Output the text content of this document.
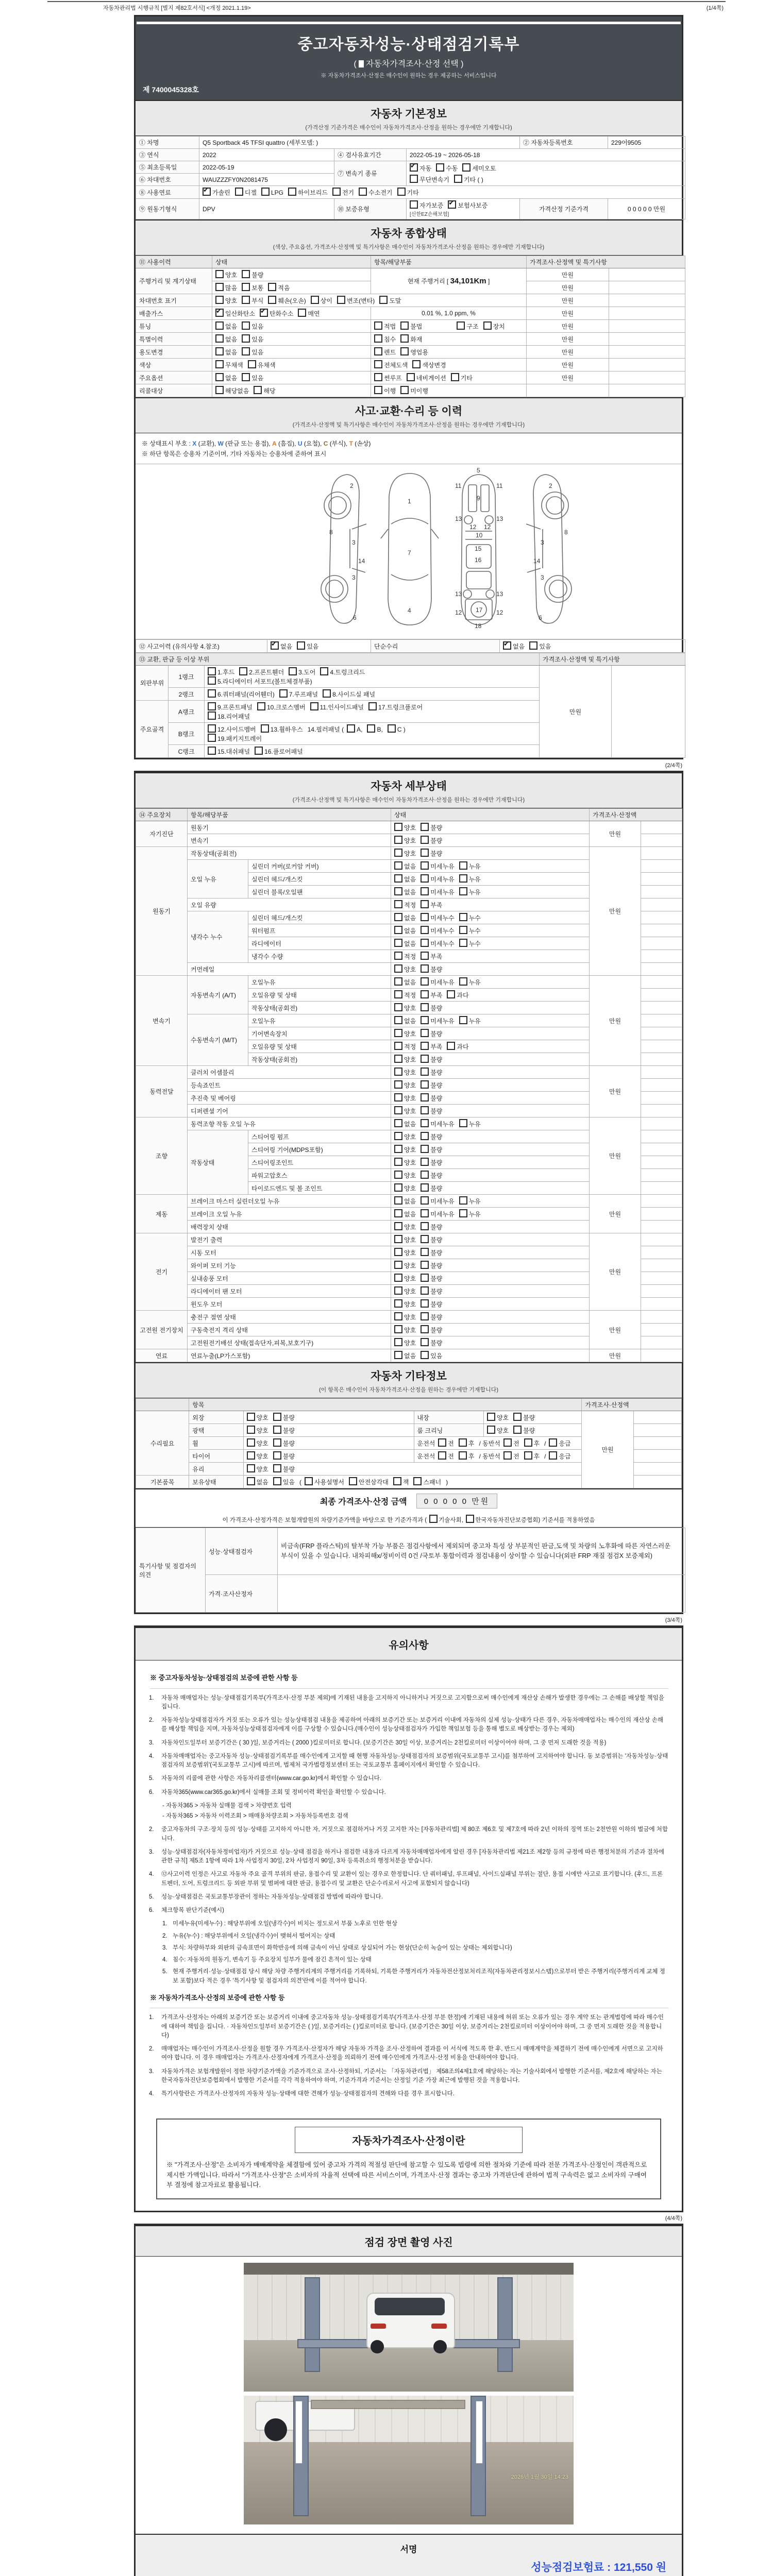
자동차관리법 시행규칙 [별지 제82호서식] <개정 2021.1.19>	(1/4쪽)
중고자동차성능·상태점검기록부
( 자동차가격조사·산정 선택 )
※ 자동차가격조사·산정은 매수인이 원하는 경우 제공하는 서비스입니다
제 7400045328호
자동차 기본정보
(가격산정 기준가격은 매수인이 자동차가격조사·산정을 원하는 경우에만 기재합니다)
① 차명	Q5 Sportback 45 TFSI quattro (세부모델: )			② 자동차등록번호	229어9505
③ 연식	2022	④ 검사유효기간	2022-05-19 ~ 2026-05-18		
⑤ 최초등록일	2022-05-19	⑦ 변속기 종류	
✔자동 수동 세미오토
무단변속기 기타 ( )

⑥ 차대번호	WAUZZZFY0N2081475				
⑧ 사용연료	✔가솔린 디젤 LPG 하이브리드 전기 수소전기 기타
⑨ 원동기형식	DPV	⑩ 보증유형	자가보증 ✔ 보험사보증 [신한EZ손해보험]	가격산정 기준가격	0 0 0 0 0 만원
자동차 종합상태
(색상, 주요옵션, 가격조사·산정액 및 특기사항은 매수인이 자동차가격조사·산정을 원하는 경우에만 기재합니다)
⑪ 사용이력	상태	항목/해당부품	가격조사·산정액 및 특기사항	
주행거리 및 계기상태	양호 불량	현재 주행거리 [ 34,101Km ]	만원	
	많음 보통 적음		만원	
차대번호 표기	양호 부식 훼손(오손) 상이 변조(변타) 도말		만원	
배출가스	✔일산화탄소 ✔ 탄화수소 매연	0.01 %, 1.0 ppm, %	만원	
튜닝	없음 있음	적법 불법 구조 장치	만원	
특별이력	없음 있음	침수 화재	만원	
용도변경	없음 있음	렌트 영업용	만원	
색상	무채색 유채색	전체도색 색상변경	만원	
주요옵션	없음 있음	썬루프 네비게이션 기타	만원	
리콜대상	해당없음 해당	이행 미이행		
사고·교환·수리 등 이력
(가격조사·산정액 및 특기사항은 매수인이 자동차가격조사·산정을 원하는 경우에만 기재합니다)
※ 상태표시 부호 : X (교환), W (판금 또는 용접), A (흠집), U (요철), C (부식), T (손상)
※ 하단 항목은 승용차 기준이며, 기타 자동차는 승용차에 준하여 표시
2
8
3
14
3
6
1
7
4
5
11	11
9
13	13
12 12
10
15
16
13	13
12	12
17
18
2
8
3
14
3
6
⑫ 사고이력 (유의사항 4.참조)	✔없음 있음	단순수리	✔없음 있음
⑬ 교환, 판금 등 이상 부위			가격조사·산정액 및 특기사항	
외판부위	1랭크	1.후드 2.프론트휀더 3.도어 4.트렁크리드
5.라디에이터 서포트(볼트체결부품)	만원	
	2랭크	6.쿼터패널(리어휀더) 7.루프패널 8.사이드실 패널		
주요골격	A랭크	9.프론트패널 10.크로스멤버 11.인사이드패널 17.트렁크플로어
18.리어패널		
	B랭크	12.사이드멤버 13.휠하우스 14.필러패널 ( A, B, C )
19.패키지트레이		
	C랭크	15.대쉬패널 16.플로어패널		
(2/4쪽)
자동차 세부상태
(가격조사·산정액 및 특기사항은 매수인이 자동차가격조사·산정을 원하는 경우에만 기재합니다)
⑭ 주요장치	항목/해당부품		상태	가격조사·산정액	
자기진단	원동기		양호 불량	만원	
	변속기		양호 불량		
원동기	작동상태(공회전)		양호 불량	만원	
	오일 누유	실린더 커버(로커암 커버)	없음 미세누유 누유		
		실린더 헤드/개스킷	없음 미세누유 누유		
		실린더 블록/오일팬	없음 미세누유 누유		
	오일 유량		적정 부족		
	냉각수 누수	실린더 헤드/개스킷	없음 미세누수 누수		
		워터펌프	없음 미세누수 누수		
		라디에이터	없음 미세누수 누수		
		냉각수 수량	적정 부족		
	커먼레일		양호 불량		
변속기	자동변속기 (A/T)	오일누유	없음 미세누유 누유	만원	
		오일유량 및 상태	적정 부족 과다		
		작동상태(공회전)	양호 불량		
	수동변속기 (M/T)	오일누유	없음 미세누유 누유		
		기어변속장치	양호 불량		
		오일유량 및 상태	적정 부족 과다		
		작동상태(공회전)	양호 불량		
동력전달	클러치 어셈블리		양호 불량	만원	
	등속죠인트		양호 불량		
	추진축 및 베어링		양호 불량		
	디퍼렌셜 기어		양호 불량		
조향	동력조향 작동 오일 누유		없음 미세누유 누유	만원	
	작동상태	스티어링 펌프	양호 불량		
		스티어링 기어(MDPS포함)	양호 불량		
		스티어링조인트	양호 불량		
		파워고압호스	양호 불량		
		타이로드엔드 및 볼 조인트	양호 불량		
제동	브레이크 마스터 실린더오일 누유		없음 미세누유 누유	만원	
	브레이크 오일 누유		없음 미세누유 누유		
	배력장치 상태		양호 불량		
전기	발전기 출력		양호 불량	만원	
	시동 모터		양호 불량		
	와이퍼 모터 기능		양호 불량		
	실내송풍 모터		양호 불량		
	라디에이터 팬 모터		양호 불량		
	윈도우 모터		양호 불량		
고전원 전기장치	충전구 절연 상태		양호 불량	만원	
	구동축전지 격리 상태		양호 불량		
	고전원전기배선 상태(접속단자,피복,보호기구)		양호 불량		
연료	연료누출(LP가스포함)		없음 있음	만원	
자동차 기타정보
(이 항목은 매수인이 자동차가격조사·산정을 원하는 경우에만 기재합니다)
	항목				가격조사·산정액	
수리필요	외장	양호 불량	내장	양호 불량	만원	
	광택	양호 불량	룸 크리닝	양호 불량		
	휠	양호 불량	운전석 전 후 / 동반석 전 후 / 응급			
	타이어	양호 불량	운전석 전 후 / 동반석 전 후 / 응급			
	유리	양호 불량				
기본품목	보유상태	없음 있음 ( 사용설명서 안전삼각대 잭 스패너 )				
최종 가격조사·산정 금액	0 0 0 0 0 만원
이 가격조사·산정가격은 보험개발원의 차량기준가액을 바탕으로 한 기준가격과 ( 기술사회, 한국자동차진단보증협회) 기준서를 적용하였음
특기사항 및 점검자의 의견	성능·상태점검자	비금속(FRP 플라스틱)의 탈부착 가능 부품은 점검사항에서 제외되며 중고차 특성 상 부분적인 판금,도색 및 차량의 노후화에 따른 자연스러운 부식이 있을 수 있습니다. 내차피해x/정비이력 0건 /국토부 통합이력과 점검내용이 상이할 수 있습니다(외판 FRP 재질 점검X 보증제외)
	가격·조사산정자	
(3/4쪽)
유의사항
※ 중고자동차성능·상태점검의 보증에 관한 사항 등
1.	자동차 매매업자는 성능·상태점검기록부(가격조사·산정 부분 제외)에 기재된 내용을 고지하지 아니하거나 거짓으로 고지함으로써 매수인에게 재산상 손해가 발생한 경우에는 그 손해를 배상할 책임을 집니다.
2.	자동차성능상태점검자가 거짓 또는 오류가 있는 성능상태점검 내용을 제공하여 아래의 보증기간 또는 보증거리 이내에 자동차의 실제 성능·상태가 다른 경우, 자동차매매업자는 매수인의 재산상 손해를 배상할 책임을 지며, 자동차성능상태점검자에게 이를 구상할 수 있습니다.(매수인이 성능상태점검자가 가입한 책임보험 등을 통해 별도로 배상받는 경우는 제외)
3.	자동차인도일부터 보증기간은 ( 30 )일, 보증거리는 ( 2000 )킬로미터로 합니다. (보증기간은 30일 이상, 보증거리는 2천킬로미터 이상이어야 하며, 그 중 먼저 도래한 것을 적용)
4.	자동차매매업자는 중고자동차 성능·상태점검기록부를 매수인에게 고지할 때 현행 자동차성능·상태점검자의 보증범위(국토교통부 고시)를 첨부하여 고지하여야 합니다. 동 보증범위는 '자동차성능·상태점검자의 보증범위'(국토교통부 고시)에 따르며, 법제처 국가법령정보센터 또는 국토교통부 홈페이지에서 확인할 수 있습니다.
5.	자동차의 리콜에 관한 사항은 자동차리콜센터(www.car.go.kr)에서 확인할 수 있습니다.
6.	자동차365(www.car365.go.kr)에서 실매물 조회 및 정비이력 확인을 확인할 수 있습니다.
- 자동차365 > 자동차 실매물 검색 > 차량번호 입력
- 자동차365 > 자동차 이력조회 > 매매용차량조회 > 자동차등록번호 검색
2.	중고자동차의 구조·장치 등의 성능·상태를 고지하지 아니한 자, 거짓으로 점검하거나 거짓 고지한 자는 [자동차관리법] 제 80조 제6호 및 제7호에 따라 2년 이하의 징역 또는 2천만원 이하의 벌금에 처합니다.
3.	성능·상태점검자(자동차정비업자)가 거짓으로 성능·상태 점검을 하거나 점검한 내용과 다르게 자동차매매업자에게 알린 경우 [자동차관리법 제21조 제2항 등의 규정에 따른 행정처분의 기준과 절차에 관한 규칙] 제5조 1항에 따라 1차 사업정지 30일, 2차 사업정지 90일, 3차 등록취소의 행정처분을 받습니다.
4.	⑫사고이력 인정은 사고로 자동차 주요 골격 부위의 판금, 용접수리 및 교환이 있는 경우로 한정합니다. 단 쿼터패널, 루프패널, 사이드실패널 부위는 절단, 용접 시에만 사고로 표기합니다. (후드, 프론트펜더, 도어, 트렁크리드 등 외판 부위 및 범퍼에 대한 판금, 용접수리 및 교환은 단순수리로서 사고에 포함되지 않습니다)
5.	성능·상태점검은 국토교통부장관이 정하는 자동차성능·상태점검 방법에 따라야 합니다.
6.	체크항목 판단기준(예시)
1. 미세누유(미세누수) : 해당부위에 오일(냉각수)이 비치는 정도로서 부품 노후로 인한 현상
2. 누유(누수) : 해당부위에서 오일(냉각수)이 맺혀서 떨어지는 상태
3. 부식: 차량하부와 외판의 금속표면이 화학반응에 의해 금속이 아닌 상태로 상실되어 가는 현상(단순히 녹슬어 있는 상태는 제외합니다)
4. 침수: 자동차의 원동기, 변속기 등 주요장치 일부가 물에 잠긴 흔적이 있는 상태
5. 현재 주행거리·성능·상태점검 당시 해당 차량 주행거리계의 주행거리를 기록하되, 기록한 주행거리가 자동차전산정보처리조직(자동차관리정보시스템)으로부터 받은 주행거리(주행거리계 교체 정보 포함)보다 적은 경우 '특기사항 및 점검자의 의견'란에 이를 적어야 합니다.
※ 자동차가격조사·산정의 보증에 관한 사항 등
1.	가격조사·산정자는 아래의 보증기간 또는 보증거리 이내에 중고자동차 성능·상태점검기록부(가격조사·산정 부분 한정)에 기재된 내용에 허위 또는 오류가 있는 경우 계약 또는 관계법령에 따라 매수인에 대하여 책임을 집니다. · 자동차인도일부터 보증기간은 ( )일, 보증거리는 ( )킬로미터로 합니다. (보증기간은 30일 이상, 보증거리는 2천킬로미터 이상이어야 하며, 그 중 먼저 도래한 것을 적용합니다)
2.	매매업자는 매수인이 가격조사·산정을 원할 경우 가격조사·산정자가 해당 자동차 가격을 조사·산정하여 결과를 이 서식에 적도록 한 후, 반드시 매매계약을 체결하기 전에 매수인에게 서면으로 고지하여야 합니다. 이 경우 매매업자는 가격조사·산정자에게 가격조사·산정을 의뢰하기 전에 매수인에게 가격조사·산정 비용을 안내하여야 합니다.
3.	자동차가격은 보험개발원이 정한 차량기준가액을 기준가격으로 조사·산정하되, 기준서는 「자동차관리법」 제58조의4제1호에 해당하는 자는 기술사회에서 발행한 기준서를, 제2호에 해당하는 자는 한국자동차진단보증협회에서 발행한 기준서를 각각 적용하여야 하며, 기준가격과 기준서는 산정일 기준 가장 최근에 발행된 것을 적용합니다.
4.	특기사항란은 가격조사·산정자의 자동차 성능·상태에 대한 견해가 성능·상태점검자의 견해와 다를 경우 표시합니다.
자동차가격조사·산정이란
※ "가격조사·산정"은 소비자가 매매계약을 체결함에 있어 중고차 가격의 적절성 판단에 참고할 수 있도록 법령에 의한 절차와 기준에 따라 전문 가격조사·산정인이 객관적으로 제시한 가액입니다. 따라서 "가격조사·산정"은 소비자의 자율적 선택에 따른 서비스이며, 가격조사·산정 결과는 중고차 가격판단에 관하여 법적 구속력은 없고 소비자의 구매여부 결정에 참고자료로 활용됩니다.
(4/4쪽)
점검 장면 촬영 사진
2026년 1월 30일 14:23
서명
성능점검보험료 : 121,550 원
